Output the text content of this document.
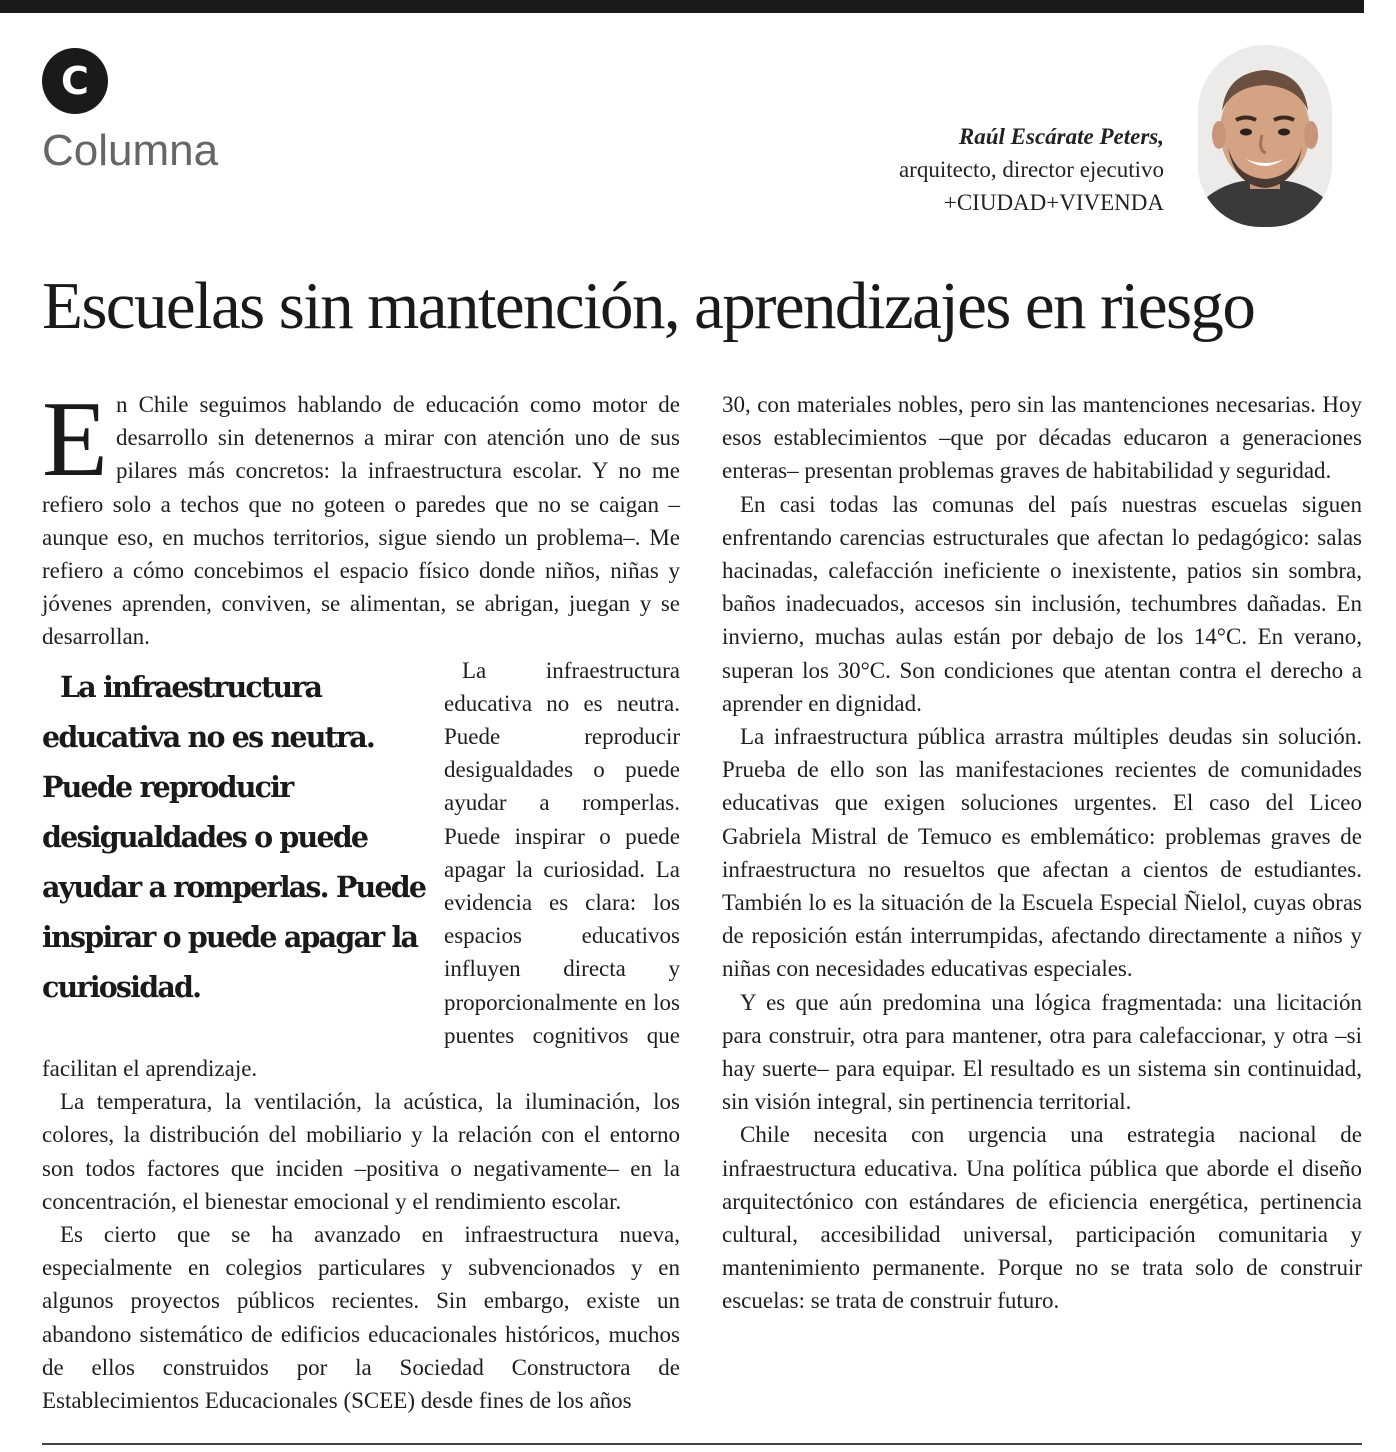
C
Columna	Raúl Escárate Peters,
arquitecto, director ejecutivo
+CIUDAD+VIVENDA
Escuelas sin mantención, aprendizajes en riesgo

En Chile seguimos hablando de educación como motor de desarrollo sin detenernos a mirar con atención uno de sus pilares más concretos: la infraestructura escolar. Y no me refiero solo a techos que no goteen o paredes que no se caigan –aunque eso, en muchos territorios, sigue siendo un problema–. Me refiero a cómo concebimos el espacio físico donde niños, niñas y jóvenes aprenden, conviven, se alimentan, se abrigan, juegan y se desarrollan.

La infraestructura educativa no es neutra. Puede reproducir desigualdades o puede ayudar a romperlas. Puede inspirar o puede apagar la curiosidad.
La infraestructura educativa no es neutra. Puede reproducir desigualdades o puede ayudar a romperlas. Puede inspirar o puede apagar la curiosidad. La evidencia es clara: los espacios educativos influyen directa y proporcionalmente en los puentes cognitivos que facilitan el aprendizaje.

La temperatura, la ventilación, la acústica, la iluminación, los colores, la distribución del mobiliario y la relación con el entorno son todos factores que inciden –positiva o negativamente– en la concentración, el bienestar emocional y el rendimiento escolar.

Es cierto que se ha avanzado en infraestructura nueva, especialmente en colegios particulares y subvencionados y en algunos proyectos públicos recientes. Sin embargo, existe un abandono sistemático de edificios educacionales históricos, muchos de ellos construidos por la Sociedad Constructora de Establecimientos Educacionales (SCEE) desde fines de los años

30, con materiales nobles, pero sin las mantenciones necesarias. Hoy esos establecimientos –que por décadas educaron a generaciones enteras– presentan problemas graves de habitabilidad y seguridad.

En casi todas las comunas del país nuestras escuelas siguen enfrentando carencias estructurales que afectan lo pedagógico: salas hacinadas, calefacción ineficiente o inexistente, patios sin sombra, baños inadecuados, accesos sin inclusión, techumbres dañadas. En invierno, muchas aulas están por debajo de los 14°C. En verano, superan los 30°C. Son condiciones que atentan contra el derecho a aprender en dignidad.

La infraestructura pública arrastra múltiples deudas sin solución. Prueba de ello son las manifestaciones recientes de comunidades educativas que exigen soluciones urgentes. El caso del Liceo Gabriela Mistral de Temuco es emblemático: problemas graves de infraestructura no resueltos que afectan a cientos de estudiantes. También lo es la situación de la Escuela Especial Ñielol, cuyas obras de reposición están interrumpidas, afectando directamente a niños y niñas con necesidades educativas especiales.

Y es que aún predomina una lógica fragmentada: una licitación para construir, otra para mantener, otra para calefaccionar, y otra –si hay suerte– para equipar. El resultado es un sistema sin continuidad, sin visión integral, sin pertinencia territorial.

Chile necesita con urgencia una estrategia nacional de infraestructura educativa. Una política pública que aborde el diseño arquitectónico con estándares de eficiencia energética, pertinencia cultural, accesibilidad universal, participación comunitaria y mantenimiento permanente. Porque no se trata solo de construir escuelas: se trata de construir futuro.
